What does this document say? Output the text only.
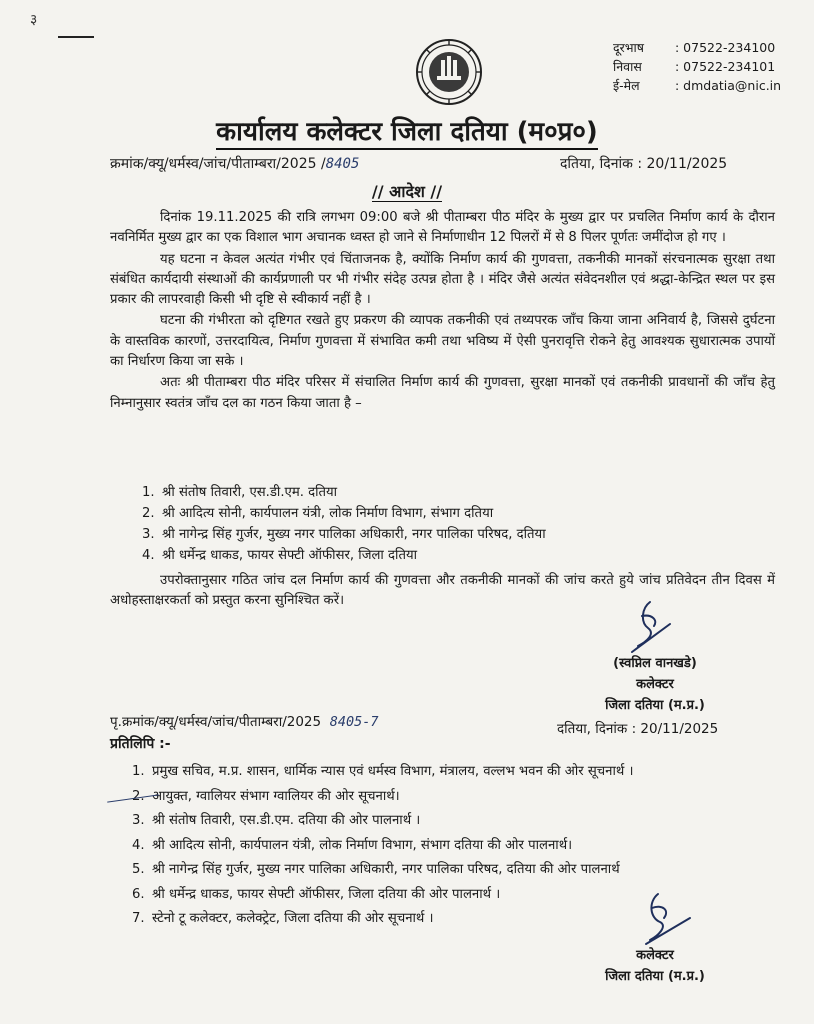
३
दूरभाष	: 07522-234100
निवास	: 07522-234101
ई-मेल	: dmdatia@nic.in
कार्यालय कलेक्टर जिला दतिया (म०प्र०)
क्रमांक/क्यू/धर्मस्व/जांच/पीताम्बरा/2025 /8405	दतिया, दिनांक : 20/11/2025
// आदेश //

दिनांक 19.11.2025 की रात्रि लगभग 09:00 बजे श्री पीताम्बरा पीठ मंदिर के मुख्य द्वार पर प्रचलित निर्माण कार्य के दौरान नवनिर्मित मुख्य द्वार का एक विशाल भाग अचानक ध्वस्त हो जाने से निर्माणाधीन 12 पिलरों में से 8 पिलर पूर्णतः जमींदोज हो गए ।

यह घटना न केवल अत्यंत गंभीर एवं चिंताजनक है, क्योंकि निर्माण कार्य की गुणवत्ता, तकनीकी मानकों संरचनात्मक सुरक्षा तथा संबंधित कार्यदायी संस्थाओं की कार्यप्रणाली पर भी गंभीर संदेह उत्पन्न होता है । मंदिर जैसे अत्यंत संवेदनशील एवं श्रद्धा-केन्द्रित स्थल पर इस प्रकार की लापरवाही किसी भी दृष्टि से स्वीकार्य नहीं है ।

घटना की गंभीरता को दृष्टिगत रखते हुए प्रकरण की व्यापक तकनीकी एवं तथ्यपरक जाँच किया जाना अनिवार्य है, जिससे दुर्घटना के वास्तविक कारणों, उत्तरदायित्व, निर्माण गुणवत्ता में संभावित कमी तथा भविष्य में ऐसी पुनरावृत्ति रोकने हेतु आवश्यक सुधारात्मक उपायों का निर्धारण किया जा सके ।

अतः श्री पीताम्बरा पीठ मंदिर परिसर में संचालित निर्माण कार्य की गुणवत्ता, सुरक्षा मानकों एवं तकनीकी प्रावधानों की जाँच हेतु निम्नानुसार स्वतंत्र जाँच दल का गठन किया जाता है –

1. श्री संतोष तिवारी, एस.डी.एम. दतिया
2. श्री आदित्य सोनी, कार्यपालन यंत्री, लोक निर्माण विभाग, संभाग दतिया
3. श्री नागेन्द्र सिंह गुर्जर, मुख्य नगर पालिका अधिकारी, नगर पालिका परिषद, दतिया
4. श्री धर्मेन्द्र धाकड, फायर सेफ्टी ऑफीसर, जिला दतिया
उपरोक्तानुसार गठित जांच दल निर्माण कार्य की गुणवत्ता और तकनीकी मानकों की जांच करते हुये जांच प्रतिवेदन तीन दिवस में अधोहस्ताक्षरकर्ता को प्रस्तुत करना सुनिश्चित करें।
(स्वप्निल वानखडे)
कलेक्टर
जिला दतिया (म.प्र.)
पृ.क्रमांक/क्यू/धर्मस्व/जांच/पीताम्बरा/2025 8405-7	दतिया, दिनांक : 20/11/2025
प्रतिलिपि :-
1. प्रमुख सचिव, म.प्र. शासन, धार्मिक न्यास एवं धर्मस्व विभाग, मंत्रालय, वल्लभ भवन की ओर सूचनार्थ ।
2. आयुक्त, ग्वालियर संभाग ग्वालियर की ओर सूचनार्थ।
3. श्री संतोष तिवारी, एस.डी.एम. दतिया की ओर पालनार्थ ।
4. श्री आदित्य सोनी, कार्यपालन यंत्री, लोक निर्माण विभाग, संभाग दतिया की ओर पालनार्थ।
5. श्री नागेन्द्र सिंह गुर्जर, मुख्य नगर पालिका अधिकारी, नगर पालिका परिषद, दतिया की ओर पालनार्थ
6. श्री धर्मेन्द्र धाकड, फायर सेफ्टी ऑफीसर, जिला दतिया की ओर पालनार्थ ।
7. स्टेनो टू कलेक्टर, कलेक्ट्रेट, जिला दतिया की ओर सूचनार्थ ।
कलेक्टर
जिला दतिया (म.प्र.)
